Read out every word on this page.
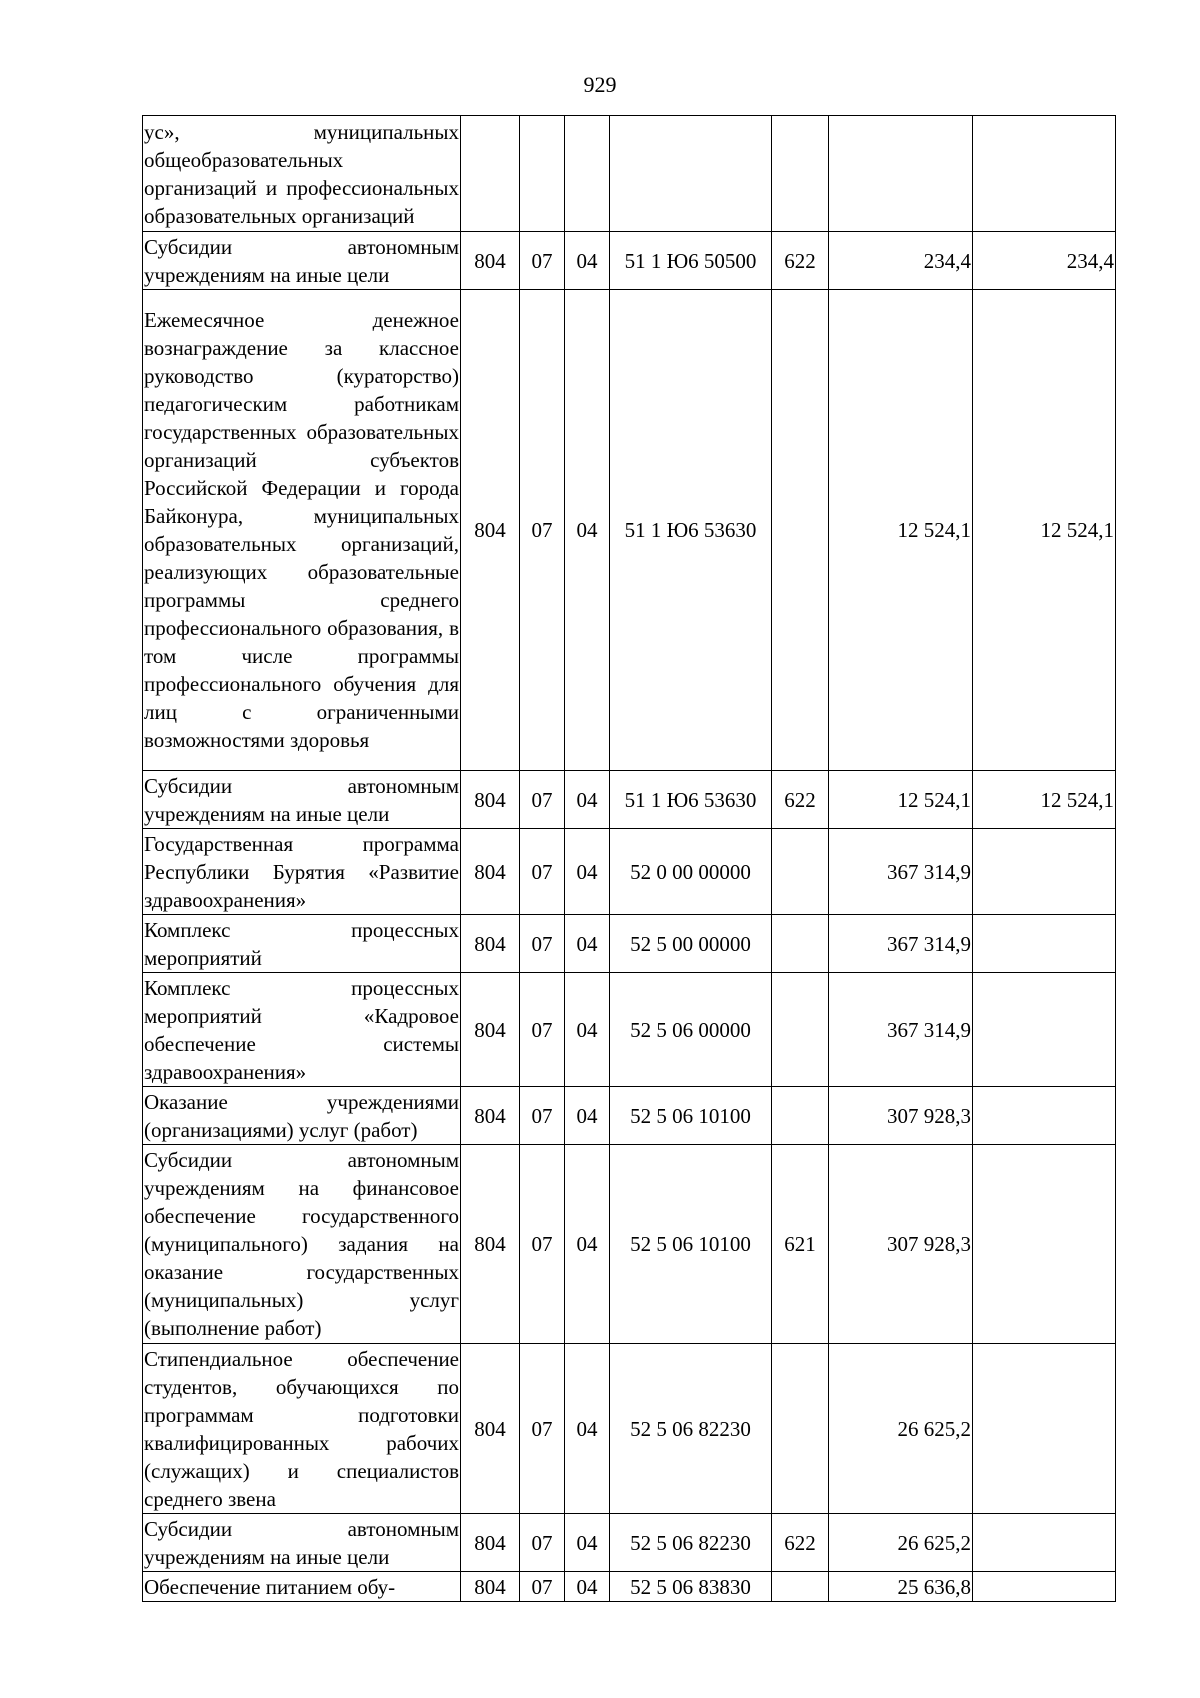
929
ус», муниципальных общеобразовательных организаций и профессиональных образовательных организаций							
Субсидии автономным учреждениям на иные цели	804	07	04	51 1 Ю6 50500	622	234,4	234,4
Ежемесячное денежное вознаграждение за классное руководство (кураторство) педагогическим работникам государственных образовательных организаций субъектов Российской Федерации и города Байконура, муниципальных образовательных организаций, реализующих образовательные программы среднего профессионального образования, в том числе программы профессионального обучения для лиц с ограниченными возможностями здоровья	804	07	04	51 1 Ю6 53630		12 524,1	12 524,1
Субсидии автономным учреждениям на иные цели	804	07	04	51 1 Ю6 53630	622	12 524,1	12 524,1
Государственная программа Республики Бурятия «Развитие здравоохранения»	804	07	04	52 0 00 00000		367 314,9	
Комплекс процессных мероприятий	804	07	04	52 5 00 00000		367 314,9	
Комплекс процессных мероприятий «Кадровое обеспечение системы здравоохранения»	804	07	04	52 5 06 00000		367 314,9	
Оказание учреждениями (организациями) услуг (работ)	804	07	04	52 5 06 10100		307 928,3	
Субсидии автономным учреждениям на финансовое обеспечение государственного (муниципального) задания на оказание государственных (муниципальных) услуг (выполнение работ)	804	07	04	52 5 06 10100	621	307 928,3	
Стипендиальное обеспечение студентов, обучающихся по программам подготовки квалифицированных рабочих (служащих) и специалистов среднего звена	804	07	04	52 5 06 82230		26 625,2	
Субсидии автономным учреждениям на иные цели	804	07	04	52 5 06 82230	622	26 625,2	
Обеспечение питанием обу-	804	07	04	52 5 06 83830		25 636,8	
